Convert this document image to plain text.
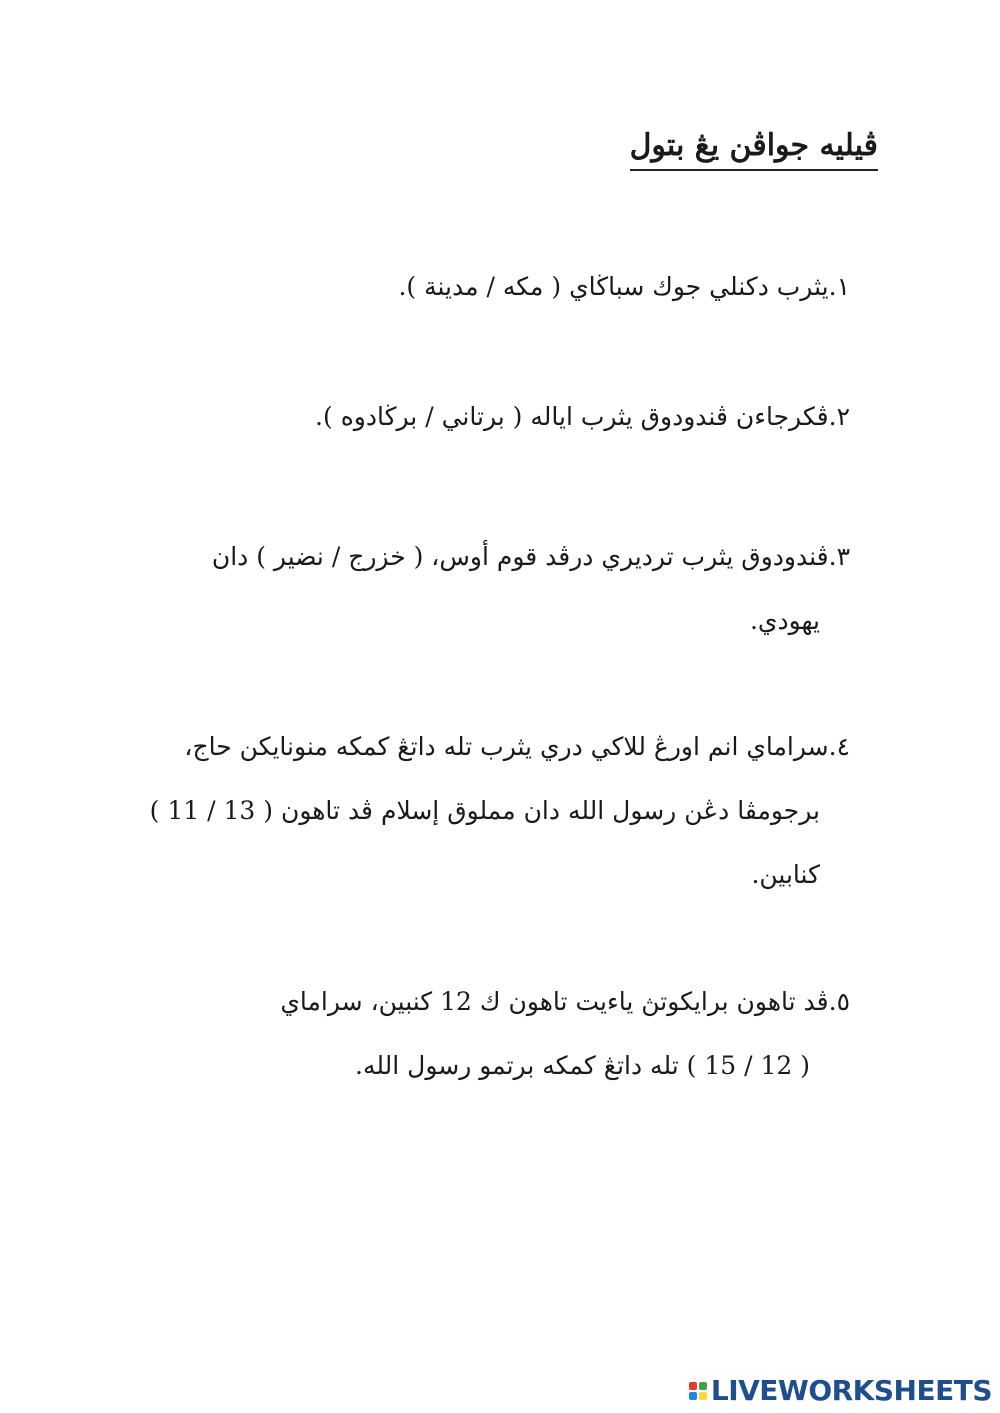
ڤيليه جواڤن يڠ بتول
١.يثرب دكنلي جوك سباڬاي ( مكه / مدينة ).
٢.ڤكرجاءن ڤندودوق يثرب اياله ( برتاني / برڬادوه ).
٣.ڤندودوق يثرب ترديري درڤد قوم أوس، ( خزرج / نضير ) دان
يهودي.
٤.سراماي انم اورڠ للاكي دري يثرب تله داتڠ كمكه منونايكن حاج،
برجومڤا دڠن رسول الله دان مملوق إسلام ڤد تاهون ( 13 / 11 )
كنابين.
٥.ڤد تاهون برايكوتڽ ياءيت تاهون ك 12 كنبين، سراماي
( 12 / 15 ) تله داتڠ كمكه برتمو رسول الله.
LIVEWORKSHEETS
